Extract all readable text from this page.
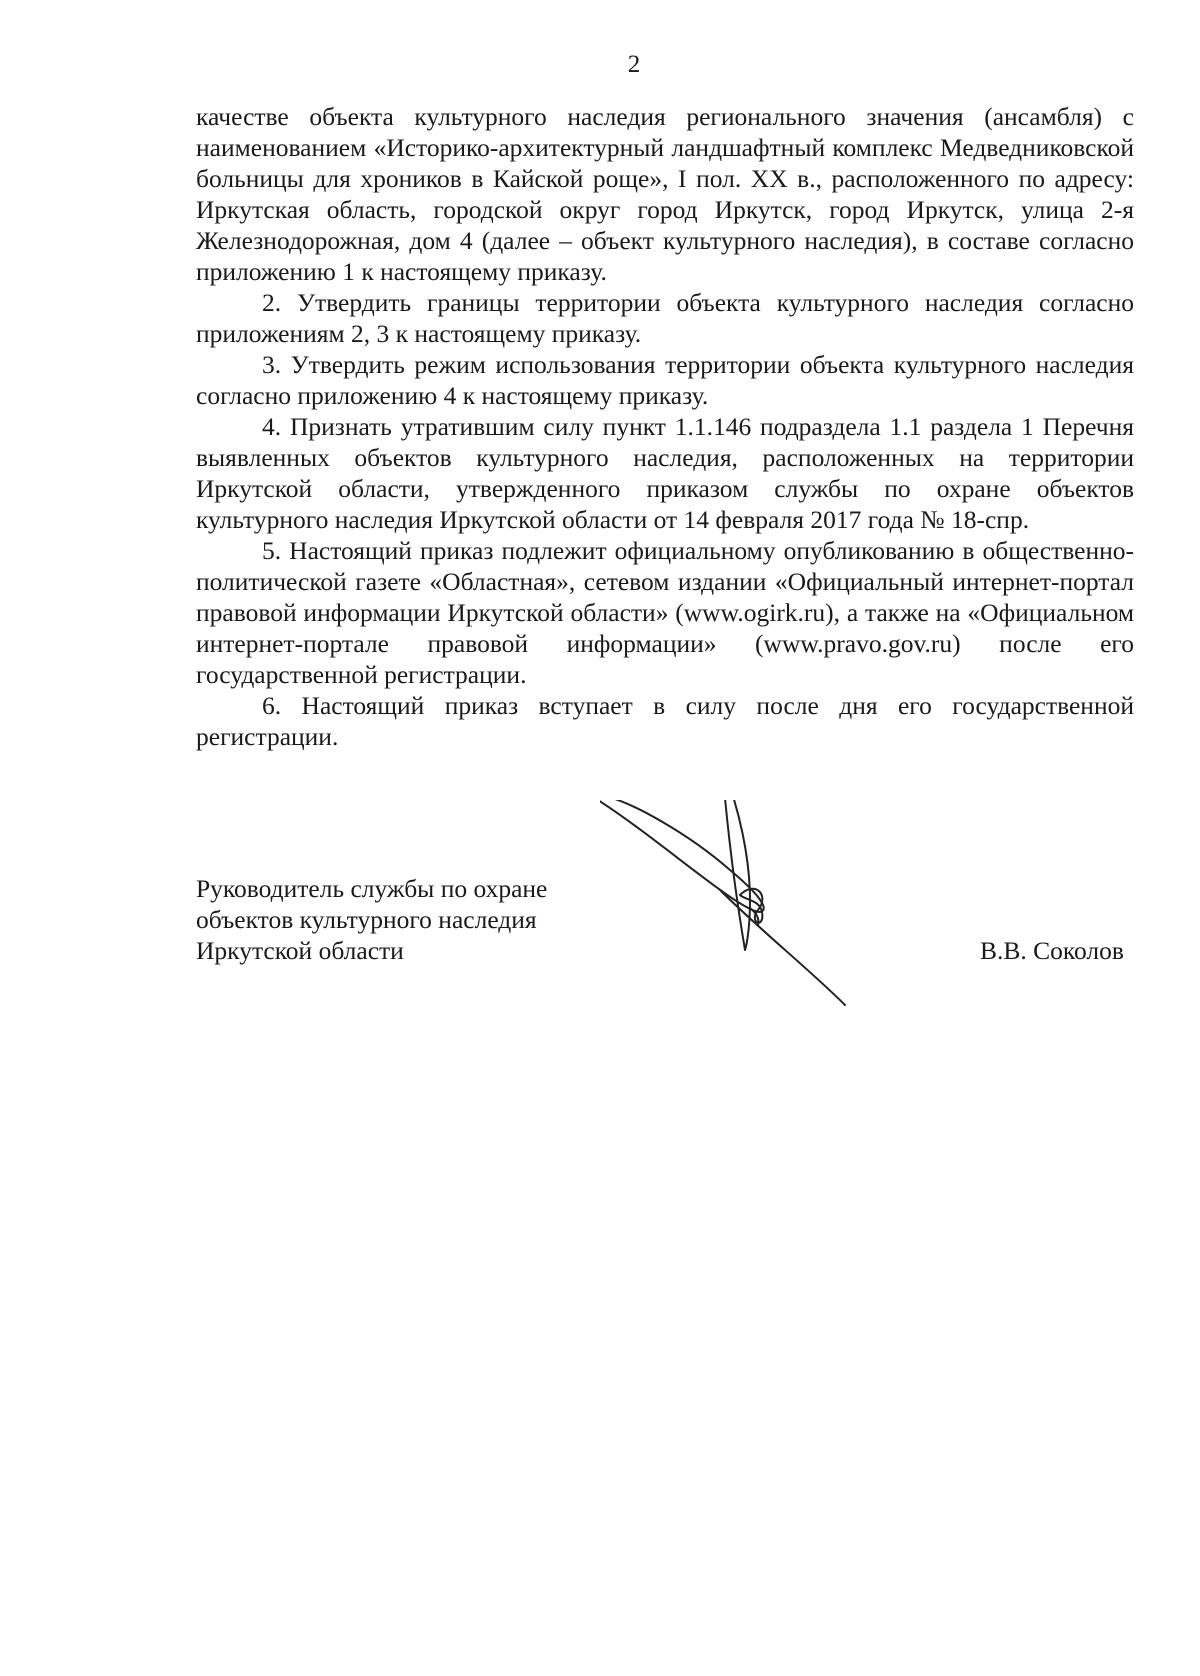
2

качестве объекта культурного наследия регионального значения (ансамбля) с наименованием «Историко-архитектурный ландшафтный комплекс Медведниковской больницы для хроников в Кайской роще», I пол. XX в., расположенного по адресу: Иркутская область, городской округ город Иркутск, город Иркутск, улица 2-я Железнодорожная, дом 4 (далее – объект культурного наследия), в составе согласно приложению 1 к настоящему приказу.

2. Утвердить границы территории объекта культурного наследия согласно приложениям 2, 3 к настоящему приказу.

3. Утвердить режим использования территории объекта культурного наследия согласно приложению 4 к настоящему приказу.

4. Признать утратившим силу пункт 1.1.146 подраздела 1.1 раздела 1 Перечня выявленных объектов культурного наследия, расположенных на территории Иркутской области, утвержденного приказом службы по охране объектов культурного наследия Иркутской области от 14 февраля 2017 года № 18-спр.

5. Настоящий приказ подлежит официальному опубликованию в общественно-политической газете «Областная», сетевом издании «Официальный интернет-портал правовой информации Иркутской области» (www.ogirk.ru), а также на «Официальном интернет-портале правовой информации» (www.pravo.gov.ru) после его государственной регистрации.

6. Настоящий приказ вступает в силу после дня его государственной регистрации.

Руководитель службы по охране
объектов культурного наследия
Иркутской области	В.В. Соколов
